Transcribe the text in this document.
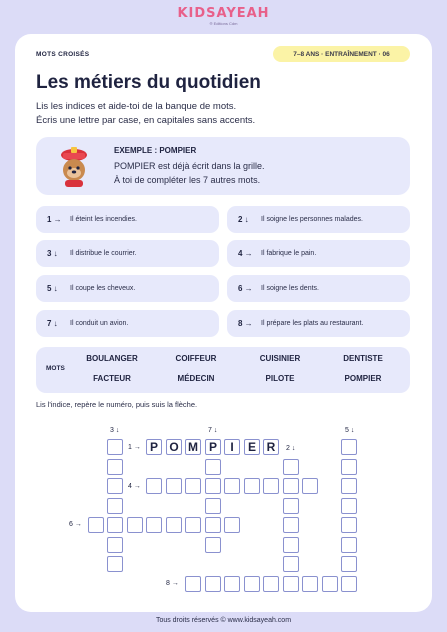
KIDSAYEAH
® Editions Cdm
MOTS CROISÉS	7–8 ANS · ENTRAÎNEMENT · 06
Les métiers du quotidien
Lis les indices et aide-toi de la banque de mots.
Écris une lettre par case, en capitales sans accents.
EXEMPLE : POMPIER
POMPIER est déjà écrit dans la grille.
À toi de compléter les 7 autres mots.
1 →	Il éteint les incendies.	2 ↓	Il soigne les personnes malades.
3 ↓	Il distribue le courrier.	4 →	Il fabrique le pain.
5 ↓	Il coupe les cheveux.	6 →	Il soigne les dents.
7 ↓	Il conduit un avion.	8 →	Il prépare les plats au restaurant.
MOTS
BOULANGER	COIFFEUR	CUISINIER	DENTISTE
FACTEUR	MÉDECIN	PILOTE	POMPIER
Lis l'indice, repère le numéro, puis suis la flèche.
3 ↓	7 ↓	5 ↓
1 →	2 ↓
4 →
6 →
8 →
P O M P	I	E R
Tous droits réservés © www.kidsayeah.com
